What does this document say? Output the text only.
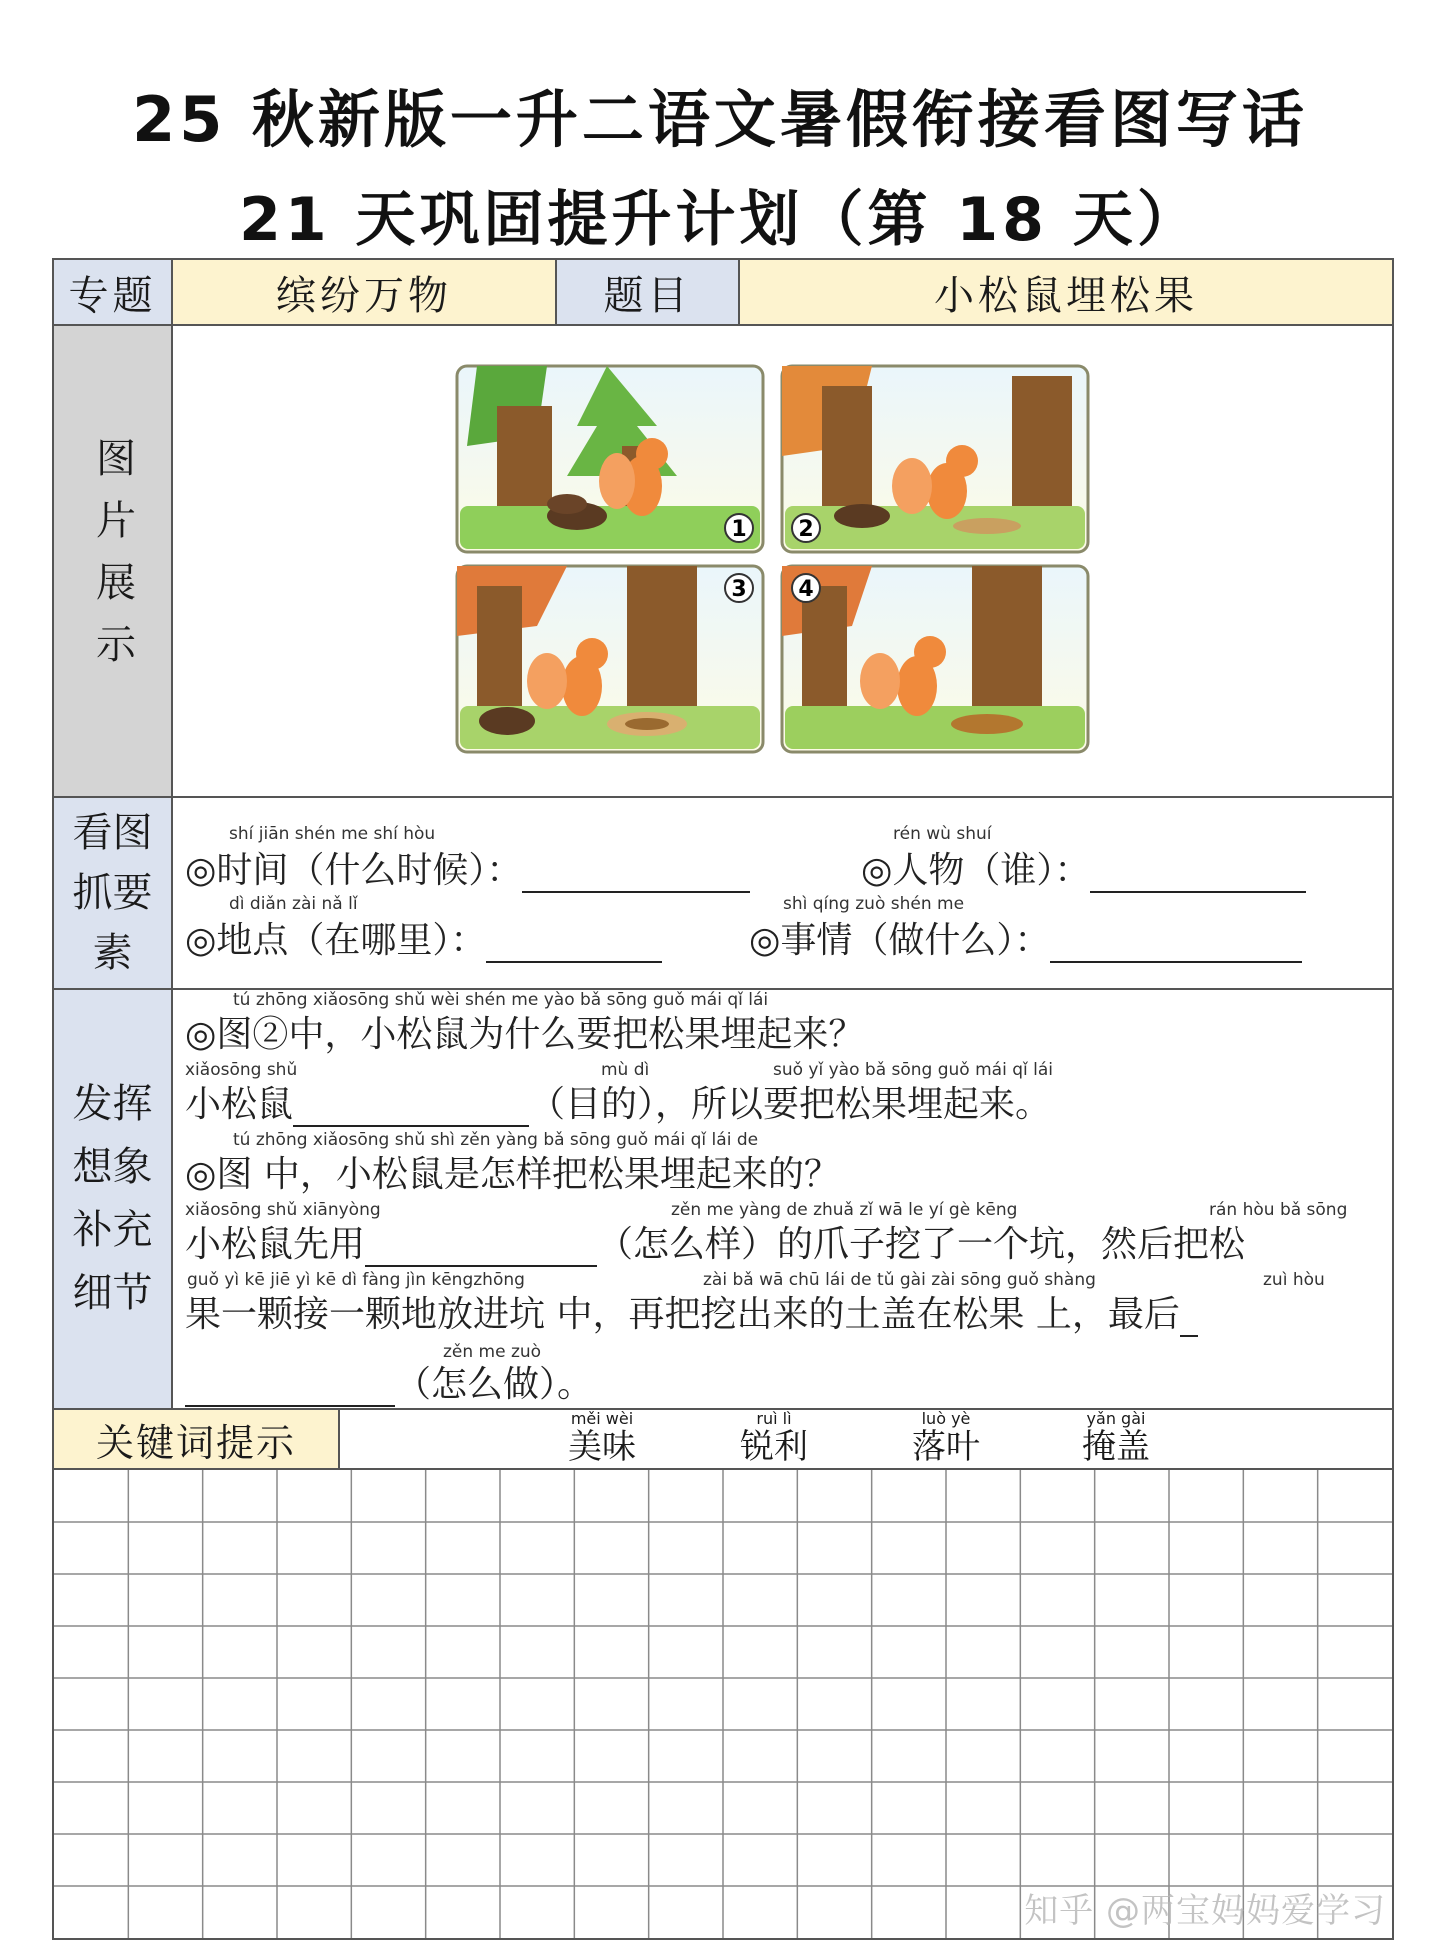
25 秋新版一升二语文暑假衔接看图写话
21 天巩固提升计划（第 18 天）
专题	缤纷万物	题目	小松鼠埋松果
图片展示	1 2
3 4
看图抓要素
shí jiān shén me shí hòu
◎时间（什么时候）：
rén wù shuí
◎人物（谁）：
dì diǎn zài nǎ lǐ
◎地点（在哪里）：
shì qíng zuò shén me
◎事情（做什么）：
发挥想象补充细节
tú zhōng xiǎosōng shǔ wèi shén me yào bǎ sōng guǒ mái qǐ lái
◎图②中，小松鼠为什么要把松果埋起来？
xiǎosōng shǔ	mù dì	suǒ yǐ yào bǎ sōng guǒ mái qǐ lái
小松鼠	（目的），所以要把松果埋起来。
tú zhōng xiǎosōng shǔ shì zěn yàng bǎ sōng guǒ mái qǐ lái de
◎图 中，小松鼠是怎样把松果埋起来的？
xiǎosōng shǔ xiānyòng	zěn me yàng de zhuǎ zǐ wā le yí gè kēng	rán hòu bǎ sōng
小松鼠先用	（怎么样）的爪子挖了一个坑，然后把松
guǒ yì kē jiē yì kē dì fàng jìn kēngzhōng	zài bǎ wā chū lái de tǔ gài zài sōng guǒ shàng	zuì hòu
果一颗接一颗地放进坑 中，再把挖出来的土盖在松果 上，最后
zěn me zuò
（怎么做）。
关键词提示
měi wèi
美味
ruì lì
锐利
luò yè
落叶
yǎn gài
掩盖
知乎 @两宝妈妈爱学习
